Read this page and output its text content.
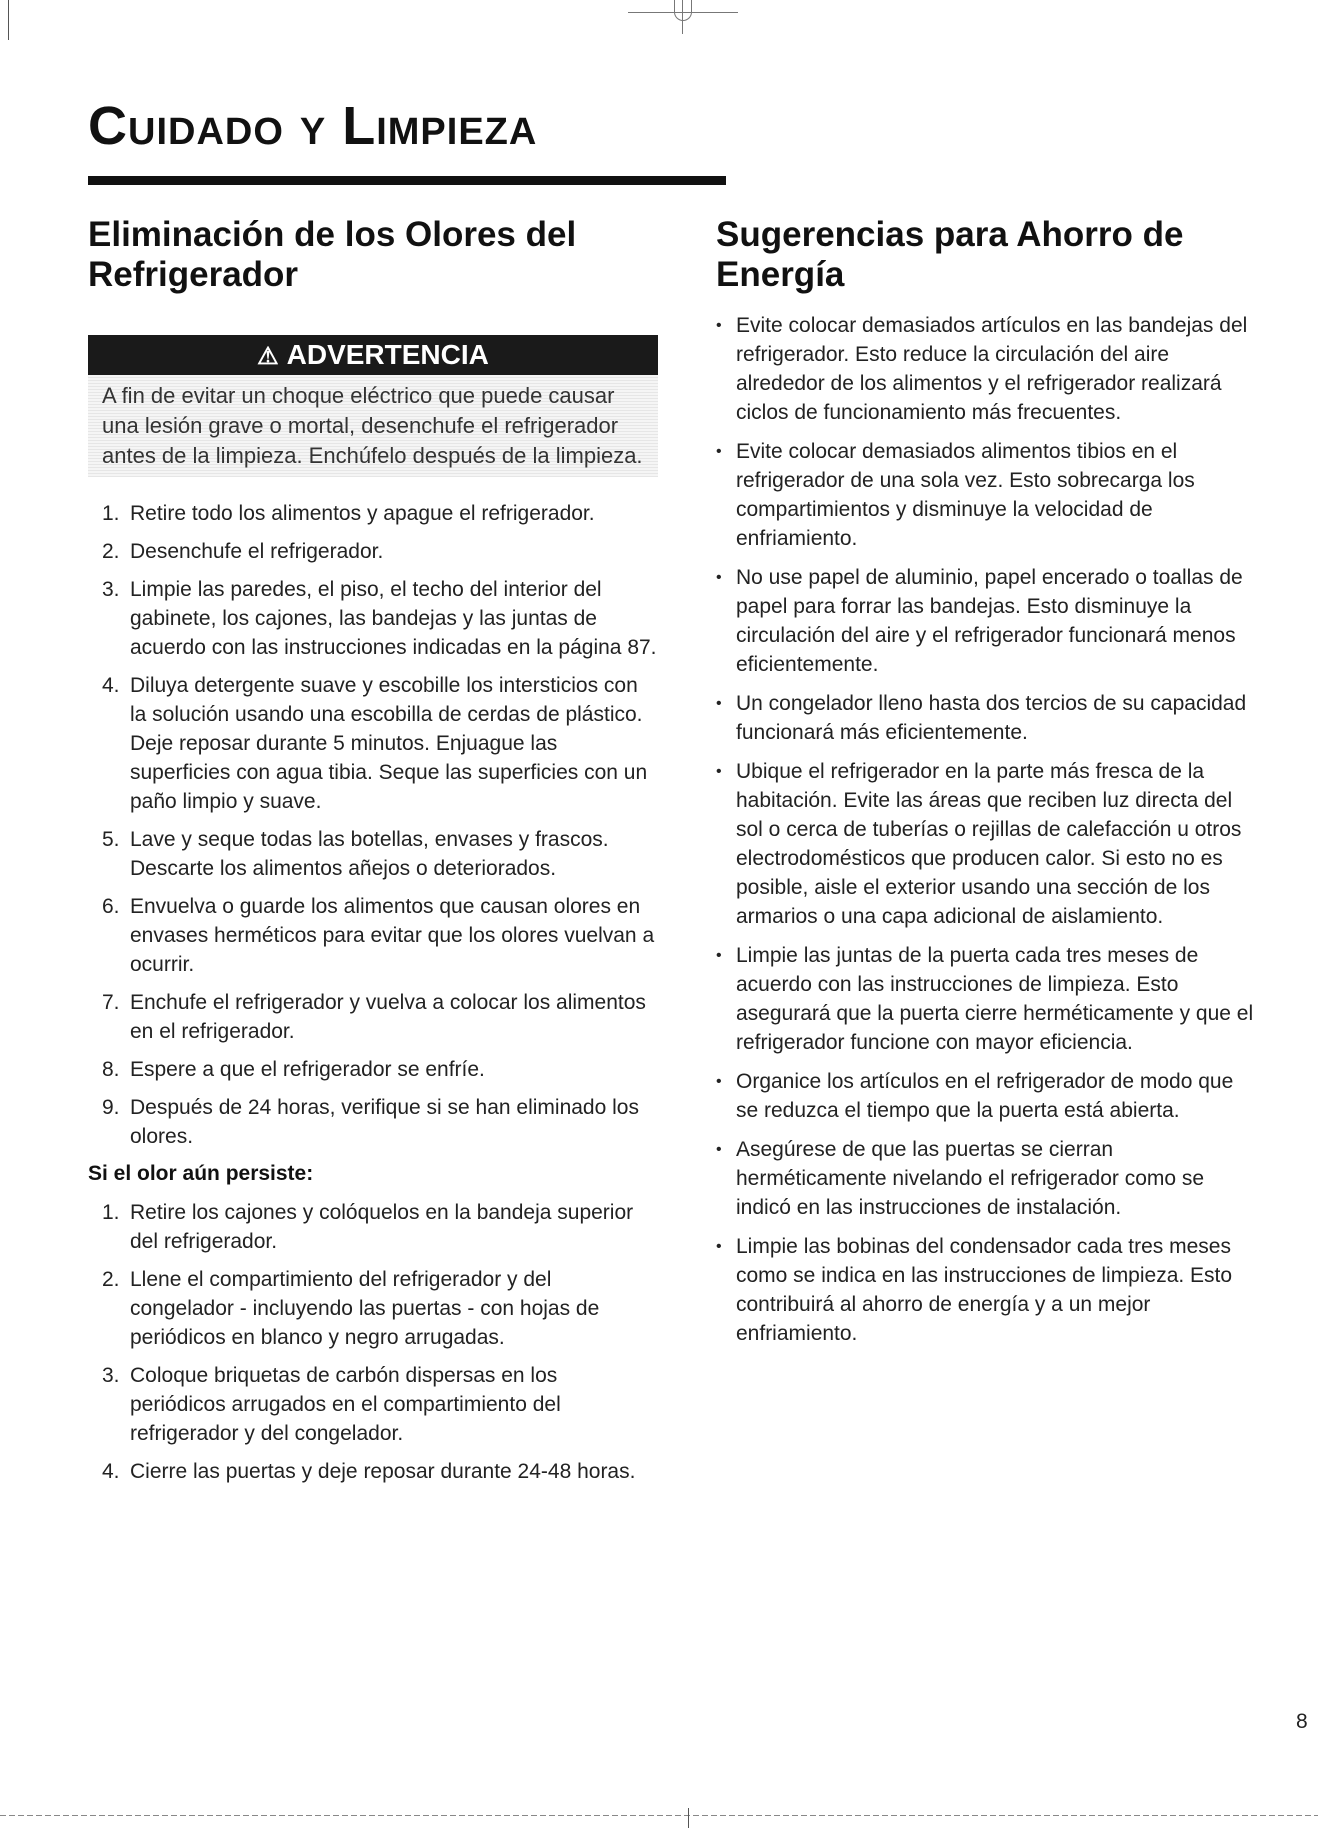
Cuidado y Limpieza
Eliminación de los Olores del Refrigerador
⚠ ADVERTENCIA
A fin de evitar un choque eléctrico que puede causar una lesión grave o mortal, desenchufe el refrigerador antes de la limpieza. Enchúfelo después de la limpieza.
1. Retire todo los alimentos y apague el refrigerador.
2. Desenchufe el refrigerador.
3. Limpie las paredes, el piso, el techo del interior del gabinete, los cajones, las bandejas y las juntas de acuerdo con las instrucciones indicadas en la página 87.
4. Diluya detergente suave y escobille los intersticios con la solución usando una escobilla de cerdas de plástico. Deje reposar durante 5 minutos. Enjuague las superficies con agua tibia. Seque las superficies con un paño limpio y suave.
5. Lave y seque todas las botellas, envases y frascos. Descarte los alimentos añejos o deteriorados.
6. Envuelva o guarde los alimentos que causan olores en envases herméticos para evitar que los olores vuelvan a ocurrir.
7. Enchufe el refrigerador y vuelva a colocar los alimentos en el refrigerador.
8. Espere a que el refrigerador se enfríe.
9. Después de 24 horas, verifique si se han eliminado los olores.
Si el olor aún persiste:
1. Retire los cajones y colóquelos en la bandeja superior del refrigerador.
2. Llene el compartimiento del refrigerador y del congelador - incluyendo las puertas - con hojas de periódicos en blanco y negro arrugadas.
3. Coloque briquetas de carbón dispersas en los periódicos arrugados en el compartimiento del refrigerador y del congelador.
4. Cierre las puertas y deje reposar durante 24-48 horas.
Sugerencias para Ahorro de Energía
• Evite colocar demasiados artículos en las bandejas del refrigerador. Esto reduce la circulación del aire alrededor de los alimentos y el refrigerador realizará ciclos de funcionamiento más frecuentes.
• Evite colocar demasiados alimentos tibios en el refrigerador de una sola vez. Esto sobrecarga los compartimientos y disminuye la velocidad de enfriamiento.
• No use papel de aluminio, papel encerado o toallas de papel para forrar las bandejas. Esto disminuye la circulación del aire y el refrigerador funcionará menos eficientemente.
• Un congelador lleno hasta dos tercios de su capacidad funcionará más eficientemente.
• Ubique el refrigerador en la parte más fresca de la habitación. Evite las áreas que reciben luz directa del sol o cerca de tuberías o rejillas de calefacción u otros electrodomésticos que producen calor. Si esto no es posible, aisle el exterior usando una sección de los armarios o una capa adicional de aislamiento.
• Limpie las juntas de la puerta cada tres meses de acuerdo con las instrucciones de limpieza. Esto asegurará que la puerta cierre herméticamente y que el refrigerador funcione con mayor eficiencia.
• Organice los artículos en el refrigerador de modo que se reduzca el tiempo que la puerta está abierta.
• Asegúrese de que las puertas se cierran herméticamente nivelando el refrigerador como se indicó en las instrucciones de instalación.
• Limpie las bobinas del condensador cada tres meses como se indica en las instrucciones de limpieza. Esto contribuirá al ahorro de energía y a un mejor enfriamiento.
8
